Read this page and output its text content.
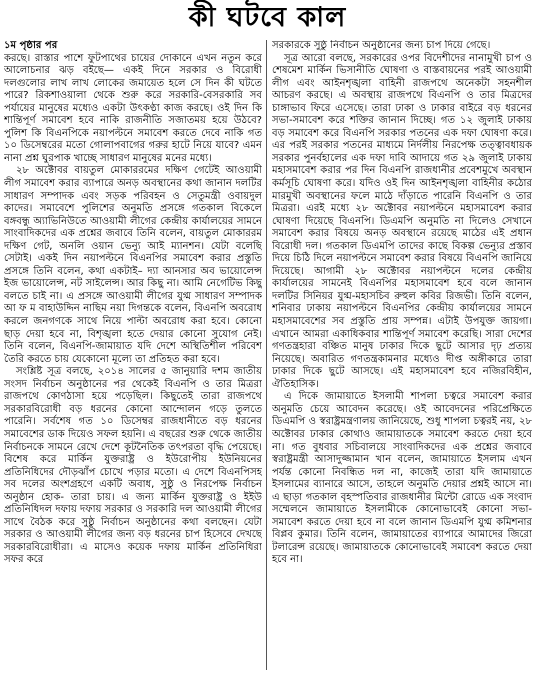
কী ঘটবে কাল

১ম পৃষ্ঠার পর
করছে। রাস্তার পাশে ফুটপাথের চায়ের দোকানে এখন নতুন করে আলোচনার ঝড় বইছে— একই দিনে সরকার ও বিরোধী দলগুলোর লাখ লাখ লোকের জমায়েত হলে সে দিন কী ঘটতে পারে? রিকশাওয়ালা থেকে শুরু করে সরকারি-বেসরকারি সব পর্যায়ের মানুষের মধ্যেও একটা উৎকণ্ঠা কাজ করছে। ওই দিন কি শান্তিপূর্ণ সমাবেশ হবে নাকি রাজনীতি সজাতময় হয়ে উঠবে? পুলিশ কি বিএনপিকে নয়াপল্টনে সমাবেশ করতে দেবে নাকি গত ১০ ডিসেম্বরের মতো গোলাপবাগের গরুর হাটে নিয়ে যাবে? এমন নানা প্রশ্ন ঘুরপাক খাচ্ছে সাধারণ মানুষের মনের মধ্যে।

২৮ অক্টোবর বায়তুল মোকাররমের দক্ষিণ গেটেই আওয়ামী লীগ সমাবেশ করার ব্যাপারে অনড় অবস্থানের কথা জানান দলটির সাধারণ সম্পাদক এবং সড়ক পরিবহন ও সেতুমন্ত্রী ওবায়দুল কাদের। সমাবেশে পুলিশের অনুমতি প্রসঙ্গে গতকাল বিকেলে বঙ্গবন্ধু অ্যাভিনিউতে আওয়ামী লীগের কেন্দ্রীয় কার্যালয়ের সামনে সাংবাদিকদের এক প্রশ্নের জবাবে তিনি বলেন, বায়তুল মোকাররম দক্ষিণ গেট, অনলি ওয়ান ভেন্যু আই ম্যানশন। যেটা বলেছি সেটাই। একই দিন নয়াপল্টনে বিএনপির সমাবেশ করার প্রস্তুতি প্রসঙ্গে তিনি বলেন, কথা একটাই– দ্যা আনসার অব ভায়োলেন্স ইজ ভায়োলেন্স, নট সাইলেন্স। আর কিছু না। আমি নেগেটিভ কিছু বলতে চাই না। এ প্রসঙ্গে আওয়ামী লীগের যুগ্ম সাধারণ সম্পাদক আ ফ ম বাহাউদ্দিন নাছিম নয়া দিগন্তকে বলেন, বিএনপি অবরোধ করলে জনগণকে সাথে নিয়ে পাল্টা অবরোধ করা হবে। কোনো ছাড় দেয়া হবে না, বিশৃঙ্খলা হতে দেয়ার কোনো সুযোগ নেই। তিনি বলেন, বিএনপি-জামায়াত যদি দেশে অস্থিতিশীল পরিবেশ তৈরি করতে চায় যেকোনো মূল্যে তা প্রতিহত করা হবে।

সংশ্লিষ্ট সূত্র বলছে, ২০১৪ সালের ৫ জানুয়ারি দশম জাতীয় সংসদ নির্বাচন অনুষ্ঠানের পর থেকেই বিএনপি ও তার মিত্ররা রাজপথে কোণঠাসা হয়ে পড়েছিল। কিছুতেই তারা রাজপথে সরকারবিরোধী বড় ধরনের কোনো আন্দোলন গড়ে তুলতে পারেনি। সর্বশেষ গত ১০ ডিসেম্বর রাজধানীতে বড় ধরনের সমাবেশের ডাক দিয়েও সফল হয়নি। এ বছরের শুরু থেকে জাতীয় নির্বাচনকে সামনে রেখে দেশে কূটনৈতিক তৎপরতা বৃদ্ধি পেয়েছে। বিশেষ করে মার্কিন যুক্তরাষ্ট্র ও ইউরোপীয় ইউনিয়নের প্রতিনিধিদের দৌড়ঝাঁপ চোখে পড়ার মতো। এ দেশে বিএনপিসহ সব দলের অংশগ্রহণে একটি অবাধ, সুষ্ঠু ও নিরপেক্ষ নির্বাচন অনুষ্ঠান হোক- তারা চায়। এ জন্য মার্কিন যুক্তরাষ্ট্র ও ইইউ প্রতিনিধিদল দফায় দফায় সরকার ও সরকারি দল আওয়ামী লীগের সাথে বৈঠক করে সুষ্ঠু নির্বাচন অনুষ্ঠানের কথা বলছেন। যেটা সরকার ও আওয়ামী লীগের জন্য বড় ধরনের চাপ হিসেবে দেখছে সরকারবিরোধীরা। এ মাসেও কয়েক দফায় মার্কিন প্রতিনিধিরা সফর করে

সরকারকে সুষ্ঠু নির্বাচন অনুষ্ঠানের জন্য চাপ দিয়ে গেছে।

সূত্র আরো বলছে, সরকারের ওপর বিদেশীদের নানামুখী চাপ ও শেষমেশ মার্কিন ভিসানীতি ঘোষণা ও বাস্তবায়নের পরই আওয়ামী লীগ এবং আইনশৃঙ্খলা বাহিনী রাজপথে অনেকটা সহনশীল আচরণ করছে। এ অবস্থায় রাজপথে বিএনপি ও তার মিত্রদের চাঙ্গাভাব ফিরে এসেছে। তারা ঢাকা ও ঢাকার বাইরে বড় ধরনের সভা-সমাবেশ করে শক্তির জানান দিচ্ছে। গত ১২ জুলাই ঢাকায় বড় সমাবেশ করে বিএনপি সরকার পতনের এক দফা ঘোষণা করে। এর পরই সরকার পতনের মাধ্যমে নির্দলীয় নিরপেক্ষ তত্ত্বাবধায়ক সরকার পুনর্বহালের এক দফা দাবি আদায়ে গত ২৯ জুলাই ঢাকায় মহাসমাবেশ করার পর দিন বিএনপি রাজধানীর প্রবেশমুখে অবস্থান কর্মসূচি ঘোষণা করে। যদিও ওই দিন আইনশৃঙ্খলা বাহিনীর কঠোর মারমুখী অবস্থানের ফলে মাঠে দাঁড়াতে পারেনি বিএনপি ও তার মিত্ররা। এরই মধ্যে ২৮ অক্টোবর নয়াপল্টনে মহাসমাবেশ করার ঘোষণা দিয়েছে বিএনপি। ডিএমপি অনুমতি না দিলেও সেখানে সমাবেশ করার বিষয়ে অনড় অবস্থানে রয়েছে মাঠের এই প্রধান বিরোধী দল। গতকাল ডিএমপি তাদের কাছে বিকল্প ভেন্যুর প্রস্তাব দিয়ে চিঠি দিলে নয়াপল্টনে সমাবেশ করার বিষয়ে বিএনপি জানিয়ে দিয়েছে। আগামী ২৮ অক্টোবর নয়াপল্টনে দলের কেন্দ্রীয় কার্যালয়ের সামনেই বিএনপির মহাসমাবেশ হবে বলে জানান দলটির সিনিয়র যুগ্ম-মহাসচিব রুহুল কবির রিজভী। তিনি বলেন, শনিবার ঢাকায় নয়াপল্টনে বিএনপির কেন্দ্রীয় কার্যালয়ের সামনে মহাসমাবেশের সব প্রস্তুতি প্রায় সম্পন্ন। এটাই উপযুক্ত জায়গা। এখানে আমরা একাধিকবার শান্তিপূর্ণ সমাবেশ করেছি। সারা দেশের গণতন্ত্রহারা বঞ্চিত মানুষ ঢাকার দিকে ছুটে আসার দৃঢ় প্রত্যয় নিয়েছে। অবারিত গণতন্ত্রকামনার মধ্যেও দীপ্ত অঙ্গীকারে তারা ঢাকার দিকে ছুটে আসছে। এই মহাসমাবেশ হবে নজিরবিহীন, ঐতিহাসিক।

এ দিকে জামায়াতে ইসলামী শাপলা চত্বরে সমাবেশ করার অনুমতি চেয়ে আবেদন করেছে। ওই আবেদনের পরিপ্রেক্ষিতে ডিএমপি ও স্বরাষ্ট্রমন্ত্রণালয় জানিয়েছে, শুধু শাপলা চত্বরই নয়, ২৮ অক্টোবর ঢাকার কোথাও জামায়াতকে সমাবেশ করতে দেয়া হবে না। গত বুধবার সচিবালয়ে সাংবাদিকদের এক প্রশ্নের জবাবে স্বরাষ্ট্রমন্ত্রী আসাদুজ্জামান খান বলেন, জামায়াতে ইসলাম এখন পর্যন্ত কোনো নিবন্ধিত দল না, কাজেই তারা যদি জামায়াতে ইসলামের ব্যানারে আসে, তাহলে অনুমতি দেয়ার প্রশ্নই আসে না। এ ছাড়া গতকাল বৃহস্পতিবার রাজধানীর মিন্টো রোডে এক সংবাদ সম্মেলনে জামায়াতে ইসলামীকে কোনোভাবেই কোনো সভা-সমাবেশ করতে দেয়া হবে না বলে জানান ডিএমপি যুগ্ম কমিশনার বিপ্লব কুমার। তিনি বলেন, জামায়াতের ব্যাপারে আমাদের জিরো টলারেন্স রয়েছে। জামায়াতকে কোনোভাবেই সমাবেশ করতে দেয়া হবে না।
